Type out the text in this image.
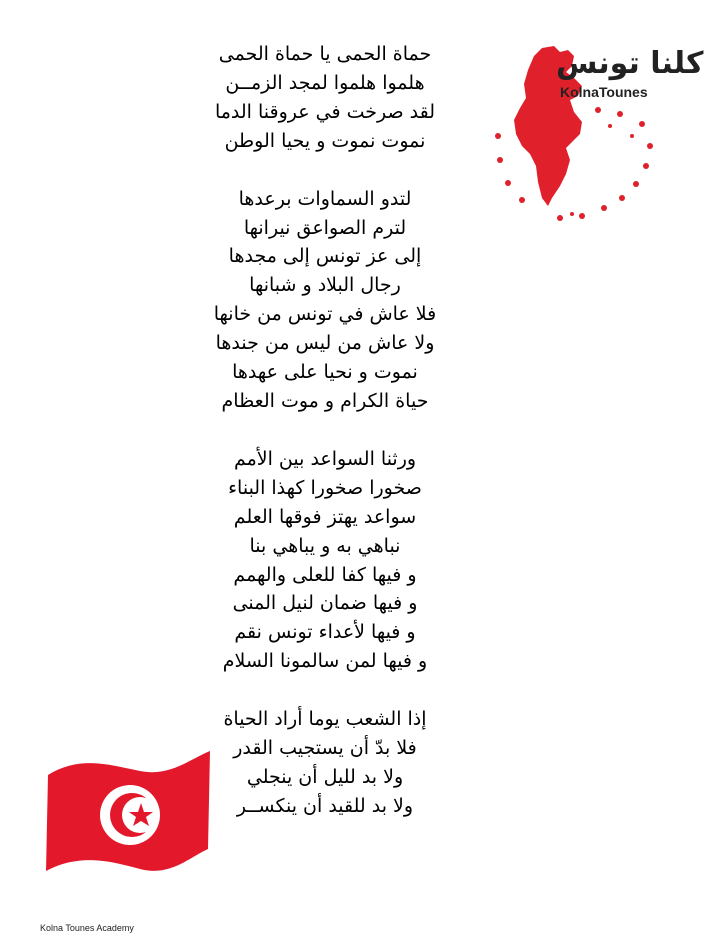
كلنا تونس
KolnaTounes
حماة الحمى يا حماة الحمى
هلموا هلموا لمجد الزمــن
لقد صرخت في عروقنا الدما
نموت نموت و يحيا الوطن
لتدو السماوات برعدها
لترم الصواعق نيرانها
إلى عز تونس إلى مجدها
رجال البلاد و شبانها
فلا عاش في تونس من خانها
ولا عاش من ليس من جندها
نموت و نحيا على عهدها
حياة الكرام و موت العظام
ورثنا السواعد بين الأمم
صخورا صخورا كهذا البناء
سواعد يهتز فوقها العلم
نباهي به و يباهي بنا
و فيها كفا للعلى والهمم
و فيها ضمان لنيل المنى
و فيها لأعداء تونس نقم
و فيها لمن سالمونا السلام
إذا الشعب يوما أراد الحياة
فلا بدّ أن يستجيب القدر
ولا بد لليل أن ينجلي
ولا بد للقيد أن ينكســر
Kolna Tounes Academy
